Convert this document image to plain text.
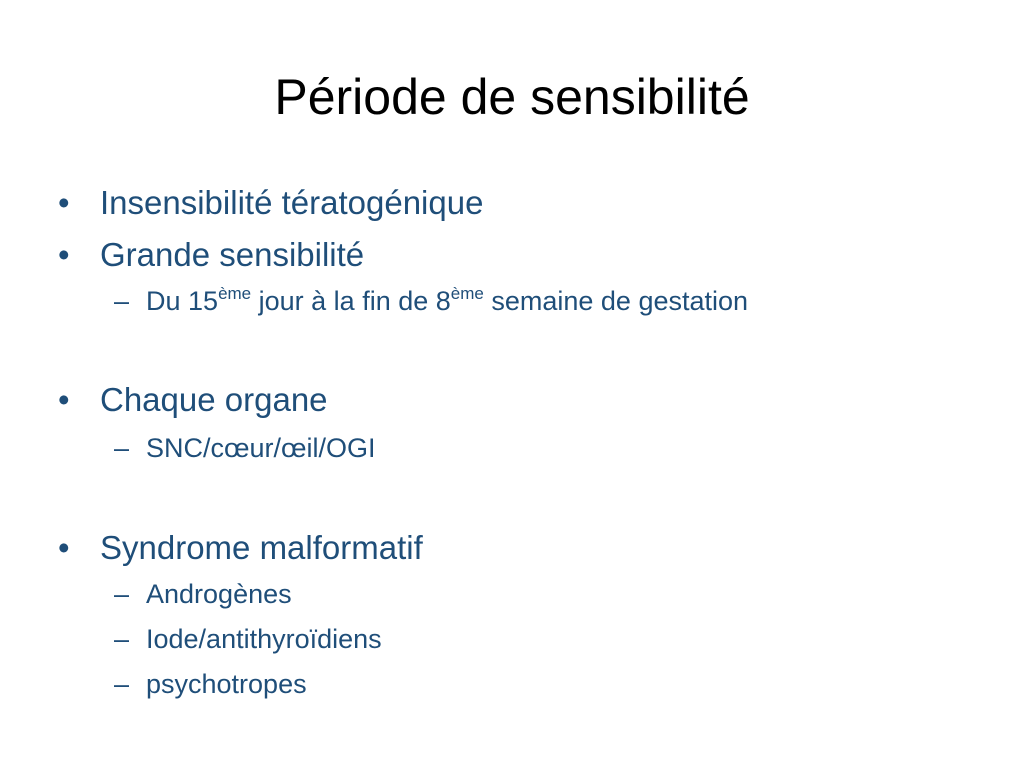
Période de sensibilité
• Insensibilité tératogénique
• Grande sensibilité
– Du 15ème jour à la fin de 8ème semaine de gestation
• Chaque organe
– SNC/cœur/œil/OGI
• Syndrome malformatif
– Androgènes
– Iode/antithyroïdiens
– psychotropes
